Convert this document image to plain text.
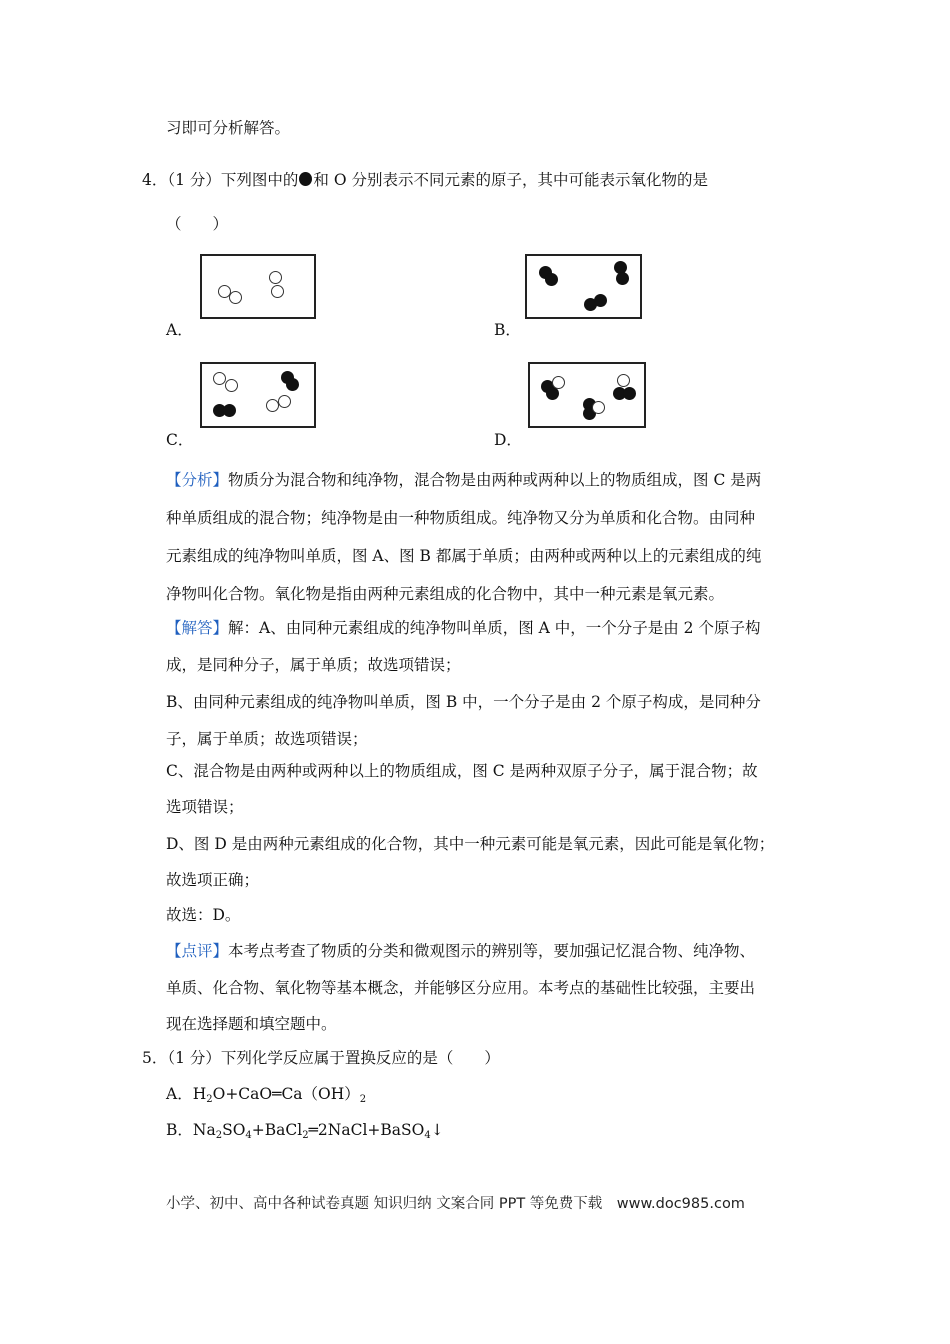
习即可分析解答。
4．（1 分）下列图中的 和 O 分别表示不同元素的原子，其中可能表示氧化物的是
（　　）
A．	B．
C．	D．
【分析】物质分为混合物和纯净物，混合物是由两种或两种以上的物质组成，图 C 是两
种单质组成的混合物；纯净物是由一种物质组成。纯净物又分为单质和化合物。由同种
元素组成的纯净物叫单质，图 A、图 B 都属于单质；由两种或两种以上的元素组成的纯
净物叫化合物。氧化物是指由两种元素组成的化合物中，其中一种元素是氧元素。
【解答】解：A、由同种元素组成的纯净物叫单质，图 A 中，一个分子是由 2 个原子构
成，是同种分子，属于单质；故选项错误；
B、由同种元素组成的纯净物叫单质，图 B 中，一个分子是由 2 个原子构成，是同种分
子，属于单质；故选项错误；
C、混合物是由两种或两种以上的物质组成，图 C 是两种双原子分子，属于混合物；故
选项错误；
D、图 D 是由两种元素组成的化合物，其中一种元素可能是氧元素，因此可能是氧化物；
故选项正确；
故选：D。
【点评】本考点考查了物质的分类和微观图示的辨别等，要加强记忆混合物、纯净物、
单质、化合物、氧化物等基本概念，并能够区分应用。本考点的基础性比较强，主要出
现在选择题和填空题中。
5．（1 分）下列化学反应属于置换反应的是（　　）
A．$H_2O+CaO═Ca(OH)_2$
B．$Na_2SO_4+BaCl_2═2NaCl+BaSO_4↓$
小学、初中、高中各种试卷真题 知识归纳 文案合同 PPT 等免费下载　www.doc985.com
